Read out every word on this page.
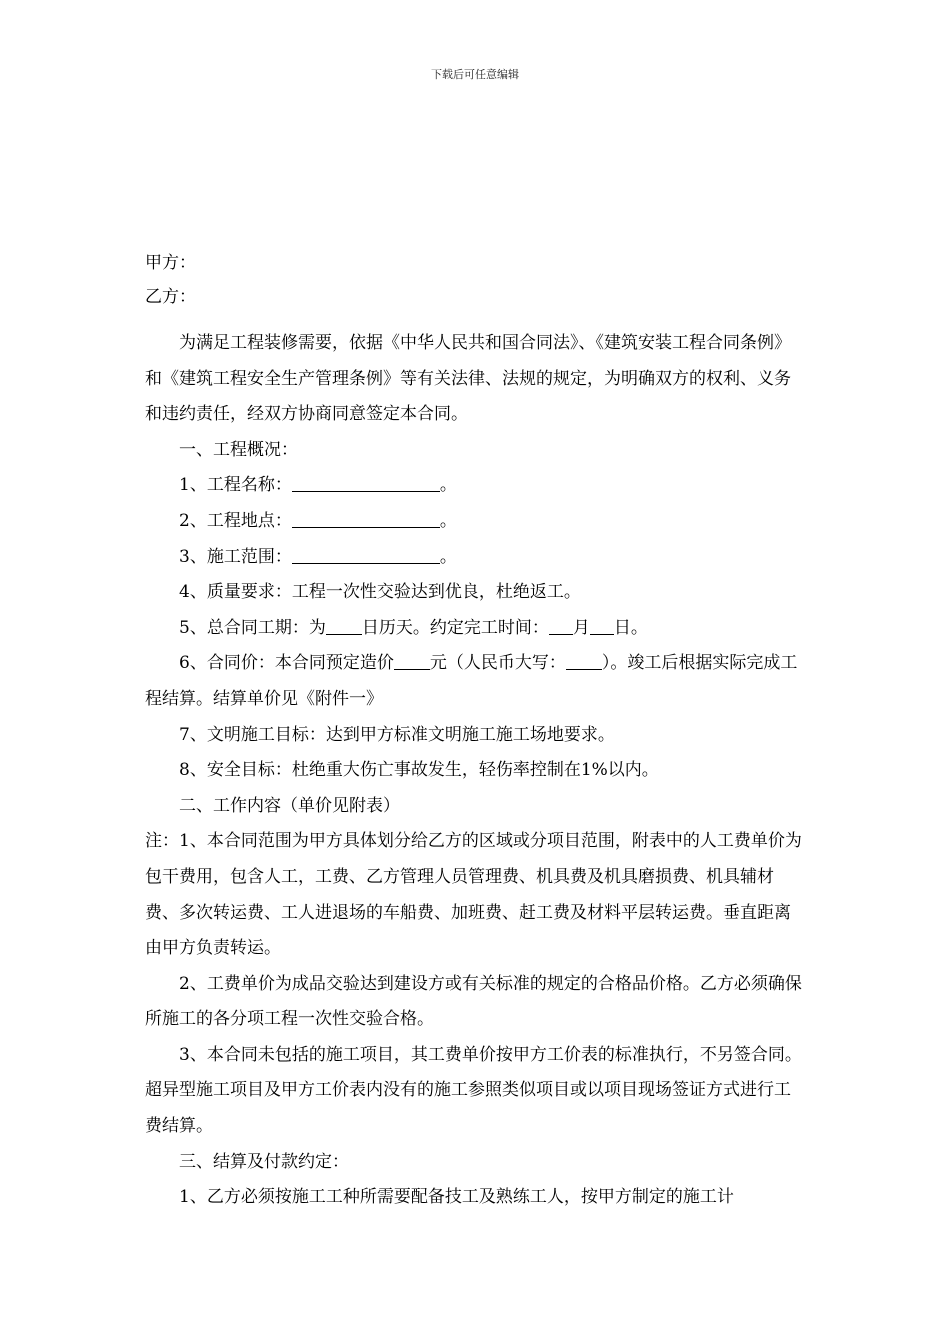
下载后可任意编辑

甲方：

乙方：

为满足工程装修需要，依据《中华人民共和国合同法》、《建筑安装工程合同条例》和《建筑工程安全生产管理条例》等有关法律、法规的规定，为明确双方的权利、义务和违约责任，经双方协商同意签定本合同。

一、工程概况：

1、工程名称：	。

2、工程地点：	。

3、施工范围：	。

4、质量要求：工程一次性交验达到优良，杜绝返工。

5、总合同工期：为 日历天。约定完工时间： 月 日。

6、合同价：本合同预定造价 元（人民币大写： ）。竣工后根据实际完成工程结算。结算单价见《附件一》

7、文明施工目标：达到甲方标准文明施工施工场地要求。

8、安全目标：杜绝重大伤亡事故发生，轻伤率控制在1%以内。

二、工作内容（单价见附表）

注：1、本合同范围为甲方具体划分给乙方的区域或分项目范围，附表中的人工费单价为包干费用，包含人工，工费、乙方管理人员管理费、机具费及机具磨损费、机具辅材费、多次转运费、工人进退场的车船费、加班费、赶工费及材料平层转运费。垂直距离由甲方负责转运。

2、工费单价为成品交验达到建设方或有关标准的规定的合格品价格。乙方必须确保所施工的各分项工程一次性交验合格。

3、本合同未包括的施工项目，其工费单价按甲方工价表的标准执行，不另签合同。超异型施工项目及甲方工价表内没有的施工参照类似项目或以项目现场签证方式进行工费结算。

三、结算及付款约定：

1、乙方必须按施工工种所需要配备技工及熟练工人，按甲方制定的施工计
